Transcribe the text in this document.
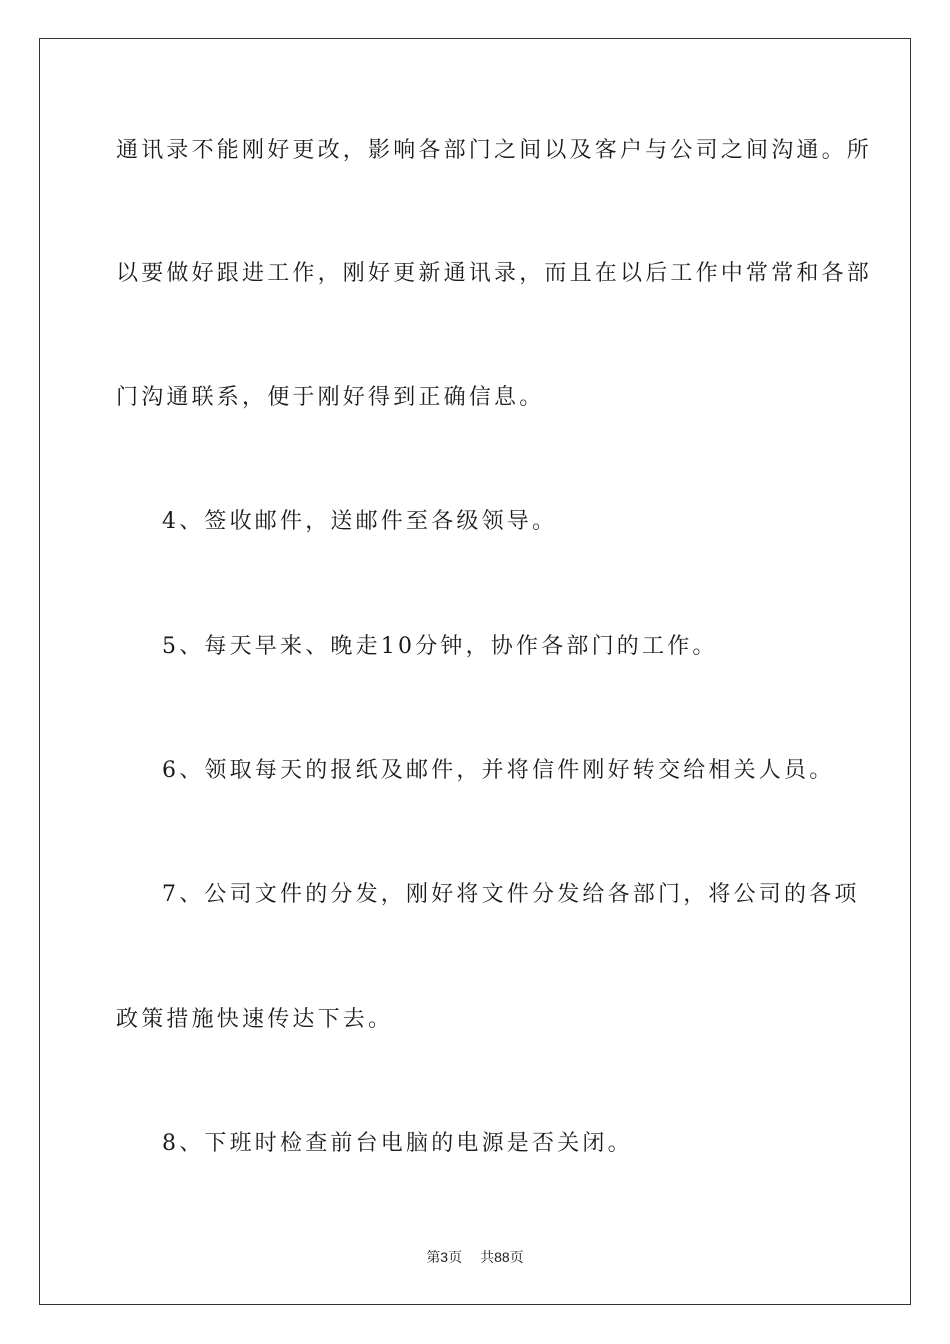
通讯录不能刚好更改，影响各部门之间以及客户与公司之间沟通。所
以要做好跟进工作，刚好更新通讯录，而且在以后工作中常常和各部
门沟通联系，便于刚好得到正确信息。
4、签收邮件，送邮件至各级领导。
5、每天早来、晚走10分钟，协作各部门的工作。
6、领取每天的报纸及邮件，并将信件刚好转交给相关人员。
7、公司文件的分发，刚好将文件分发给各部门，将公司的各项
政策措施快速传达下去。
8、下班时检查前台电脑的电源是否关闭。
第3页 共88页
